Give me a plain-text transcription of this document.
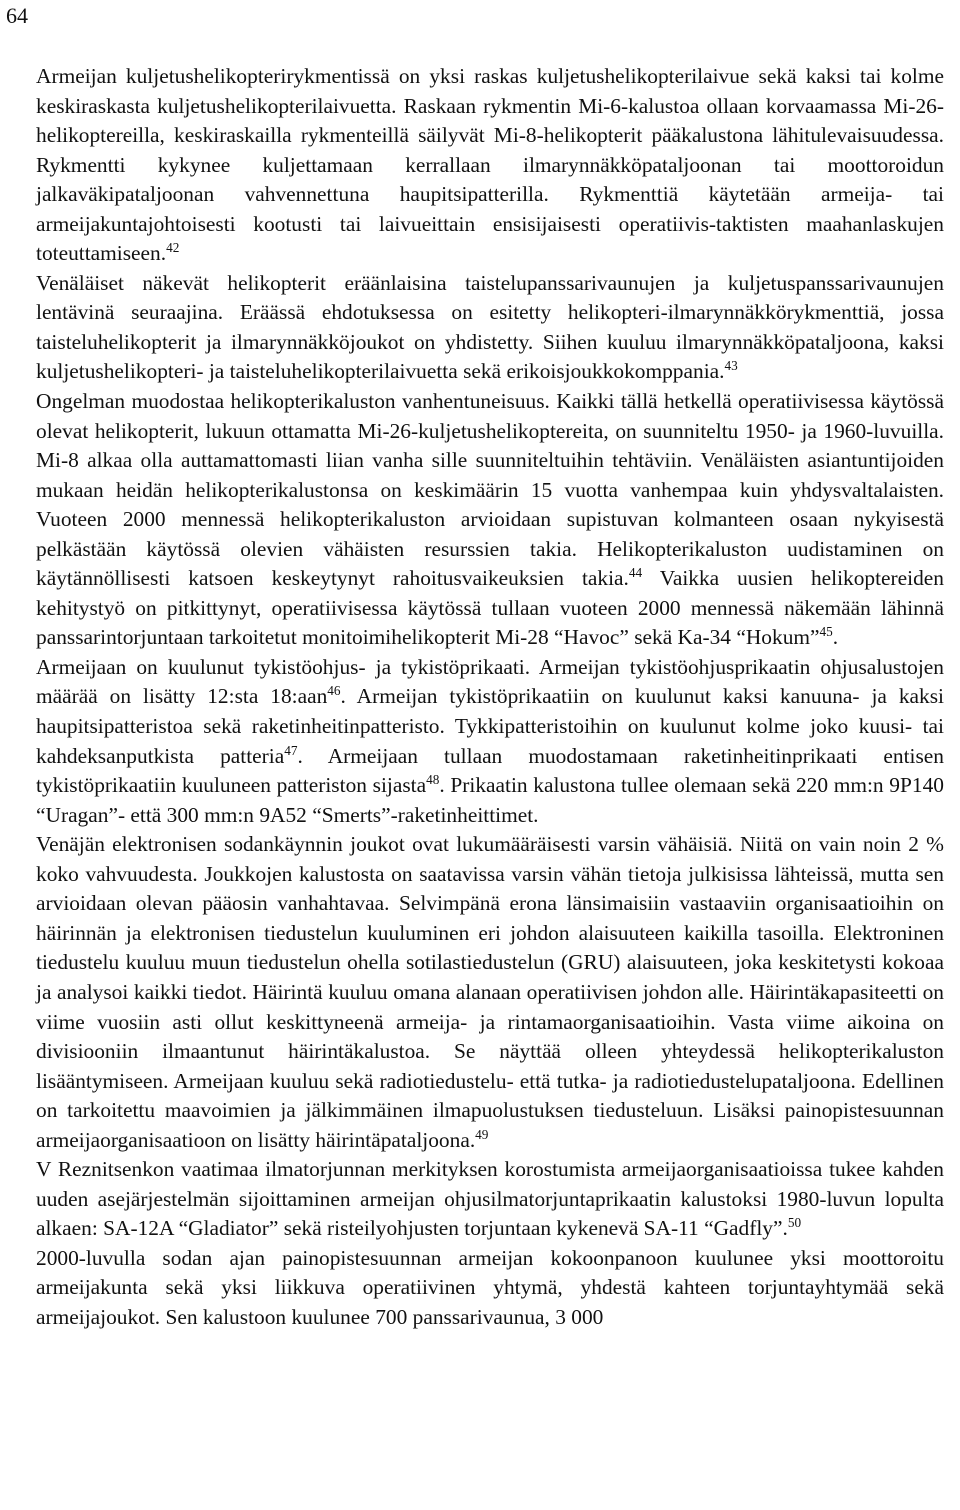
64

Armeijan kuljetushelikopterirykmentissä on yksi raskas kuljetushelikopterilaivue sekä kaksi tai kolme keskiraskasta kuljetushelikopterilaivuetta. Raskaan rykmentin Mi-6-kalustoa ollaan korvaamassa Mi-26-helikoptereilla, keskiraskailla rykmenteillä säilyvät Mi-8-helikopterit pääkalustona lähitulevaisuudessa. Rykmentti kykynee kuljettamaan kerrallaan ilmarynnäkköpataljoonan tai moottoroidun jalkaväkipataljoonan vahvennettuna haupitsipatterilla. Rykmenttiä käytetään armeija- tai armeijakuntajohtoisesti kootusti tai laivueittain ensisijaisesti operatiivis-taktisten maahanlaskujen toteuttamiseen.$^{42}$

Venäläiset näkevät helikopterit eräänlaisina taistelupanssarivaunujen ja kuljetuspanssarivaunujen lentävinä seuraajina. Eräässä ehdotuksessa on esitetty helikopteri-ilmarynnäkkörykmenttiä, jossa taisteluhelikopterit ja ilmarynnäkköjoukot on yhdistetty. Siihen kuuluu ilmarynnäkköpataljoona, kaksi kuljetushelikopteri- ja taisteluhelikopterilaivuetta sekä erikoisjoukkokomppania.$^{43}$

Ongelman muodostaa helikopterikaluston vanhentuneisuus. Kaikki tällä hetkellä operatiivisessa käytössä olevat helikopterit, lukuun ottamatta Mi-26-kuljetushelikoptereita, on suunniteltu 1950- ja 1960-luvuilla. Mi-8 alkaa olla auttamattomasti liian vanha sille suunniteltuihin tehtäviin. Venäläisten asiantuntijoiden mukaan heidän helikopterikalustonsa on keskimäärin 15 vuotta vanhempaa kuin yhdysvaltalaisten. Vuoteen 2000 mennessä helikopterikaluston arvioidaan supistuvan kolmanteen osaan nykyisestä pelkästään käytössä olevien vähäisten resurssien takia. Helikopterikaluston uudistaminen on käytännöllisesti katsoen keskeytynyt rahoitusvaikeuksien takia.$^{44}$ Vaikka uusien helikoptereiden kehitystyö on pitkittynyt, operatiivisessa käytössä tullaan vuoteen 2000 mennessä näkemään lähinnä panssarintorjuntaan tarkoitetut monitoimihelikopterit Mi-28 “Havoc” sekä Ka-34 “Hokum”$^{45}$.

Armeijaan on kuulunut tykistöohjus- ja tykistöprikaati. Armeijan tykistöohjusprikaatin ohjusalustojen määrää on lisätty 12:sta 18:aan$^{46}$. Armeijan tykistöprikaatiin on kuulunut kaksi kanuuna- ja kaksi haupitsipatteristoa sekä raketinheitinpatteristo. Tykkipatteristoihin on kuulunut kolme joko kuusi- tai kahdeksanputkista patteria$^{47}$. Armeijaan tullaan muodostamaan raketinheitinprikaati entisen tykistöprikaatiin kuuluneen patteriston sijasta$^{48}$. Prikaatin kalustona tullee olemaan sekä 220 mm:n 9P140 “Uragan”- että 300 mm:n 9A52 “Smerts”-raketinheittimet.

Venäjän elektronisen sodankäynnin joukot ovat lukumääräisesti varsin vähäisiä. Niitä on vain noin 2 % koko vahvuudesta. Joukkojen kalustosta on saatavissa varsin vähän tietoja julkisissa lähteissä, mutta sen arvioidaan olevan pääosin vanhahtavaa. Selvimpänä erona länsimaisiin vastaaviin organisaatioihin on häirinnän ja elektronisen tiedustelun kuuluminen eri johdon alaisuuteen kaikilla tasoilla. Elektroninen tiedustelu kuuluu muun tiedustelun ohella sotilastiedustelun (GRU) alaisuuteen, joka keskitetysti kokoaa ja analysoi kaikki tiedot. Häirintä kuuluu omana alanaan operatiivisen johdon alle. Häirintäkapasiteetti on viime vuosiin asti ollut keskittyneenä armeija- ja rintamaorganisaatioihin. Vasta viime aikoina on divisiooniin ilmaantunut häirintäkalustoa. Se näyttää olleen yhteydessä helikopterikaluston lisääntymiseen. Armeijaan kuuluu sekä radiotiedustelu- että tutka- ja radiotiedustelupataljoona. Edellinen on tarkoitettu maavoimien ja jälkimmäinen ilmapuolustuksen tiedusteluun. Lisäksi painopistesuunnan armeijaorganisaatioon on lisätty häirintäpataljoona.$^{49}$

V Reznitsenkon vaatimaa ilmatorjunnan merkityksen korostumista armeijaorganisaatioissa tukee kahden uuden asejärjestelmän sijoittaminen armeijan ohjusilmatorjuntaprikaatin kalustoksi 1980-luvun lopulta alkaen: SA-12A “Gladiator” sekä risteilyohjusten torjuntaan kykenevä SA-11 “Gadfly”.$^{50}$

2000-luvulla sodan ajan painopistesuunnan armeijan kokoonpanoon kuulunee yksi moottoroitu armeijakunta sekä yksi liikkuva operatiivinen yhtymä, yhdestä kahteen torjuntayhtymää sekä armeijajoukot. Sen kalustoon kuulunee 700 panssarivaunua, 3 000
